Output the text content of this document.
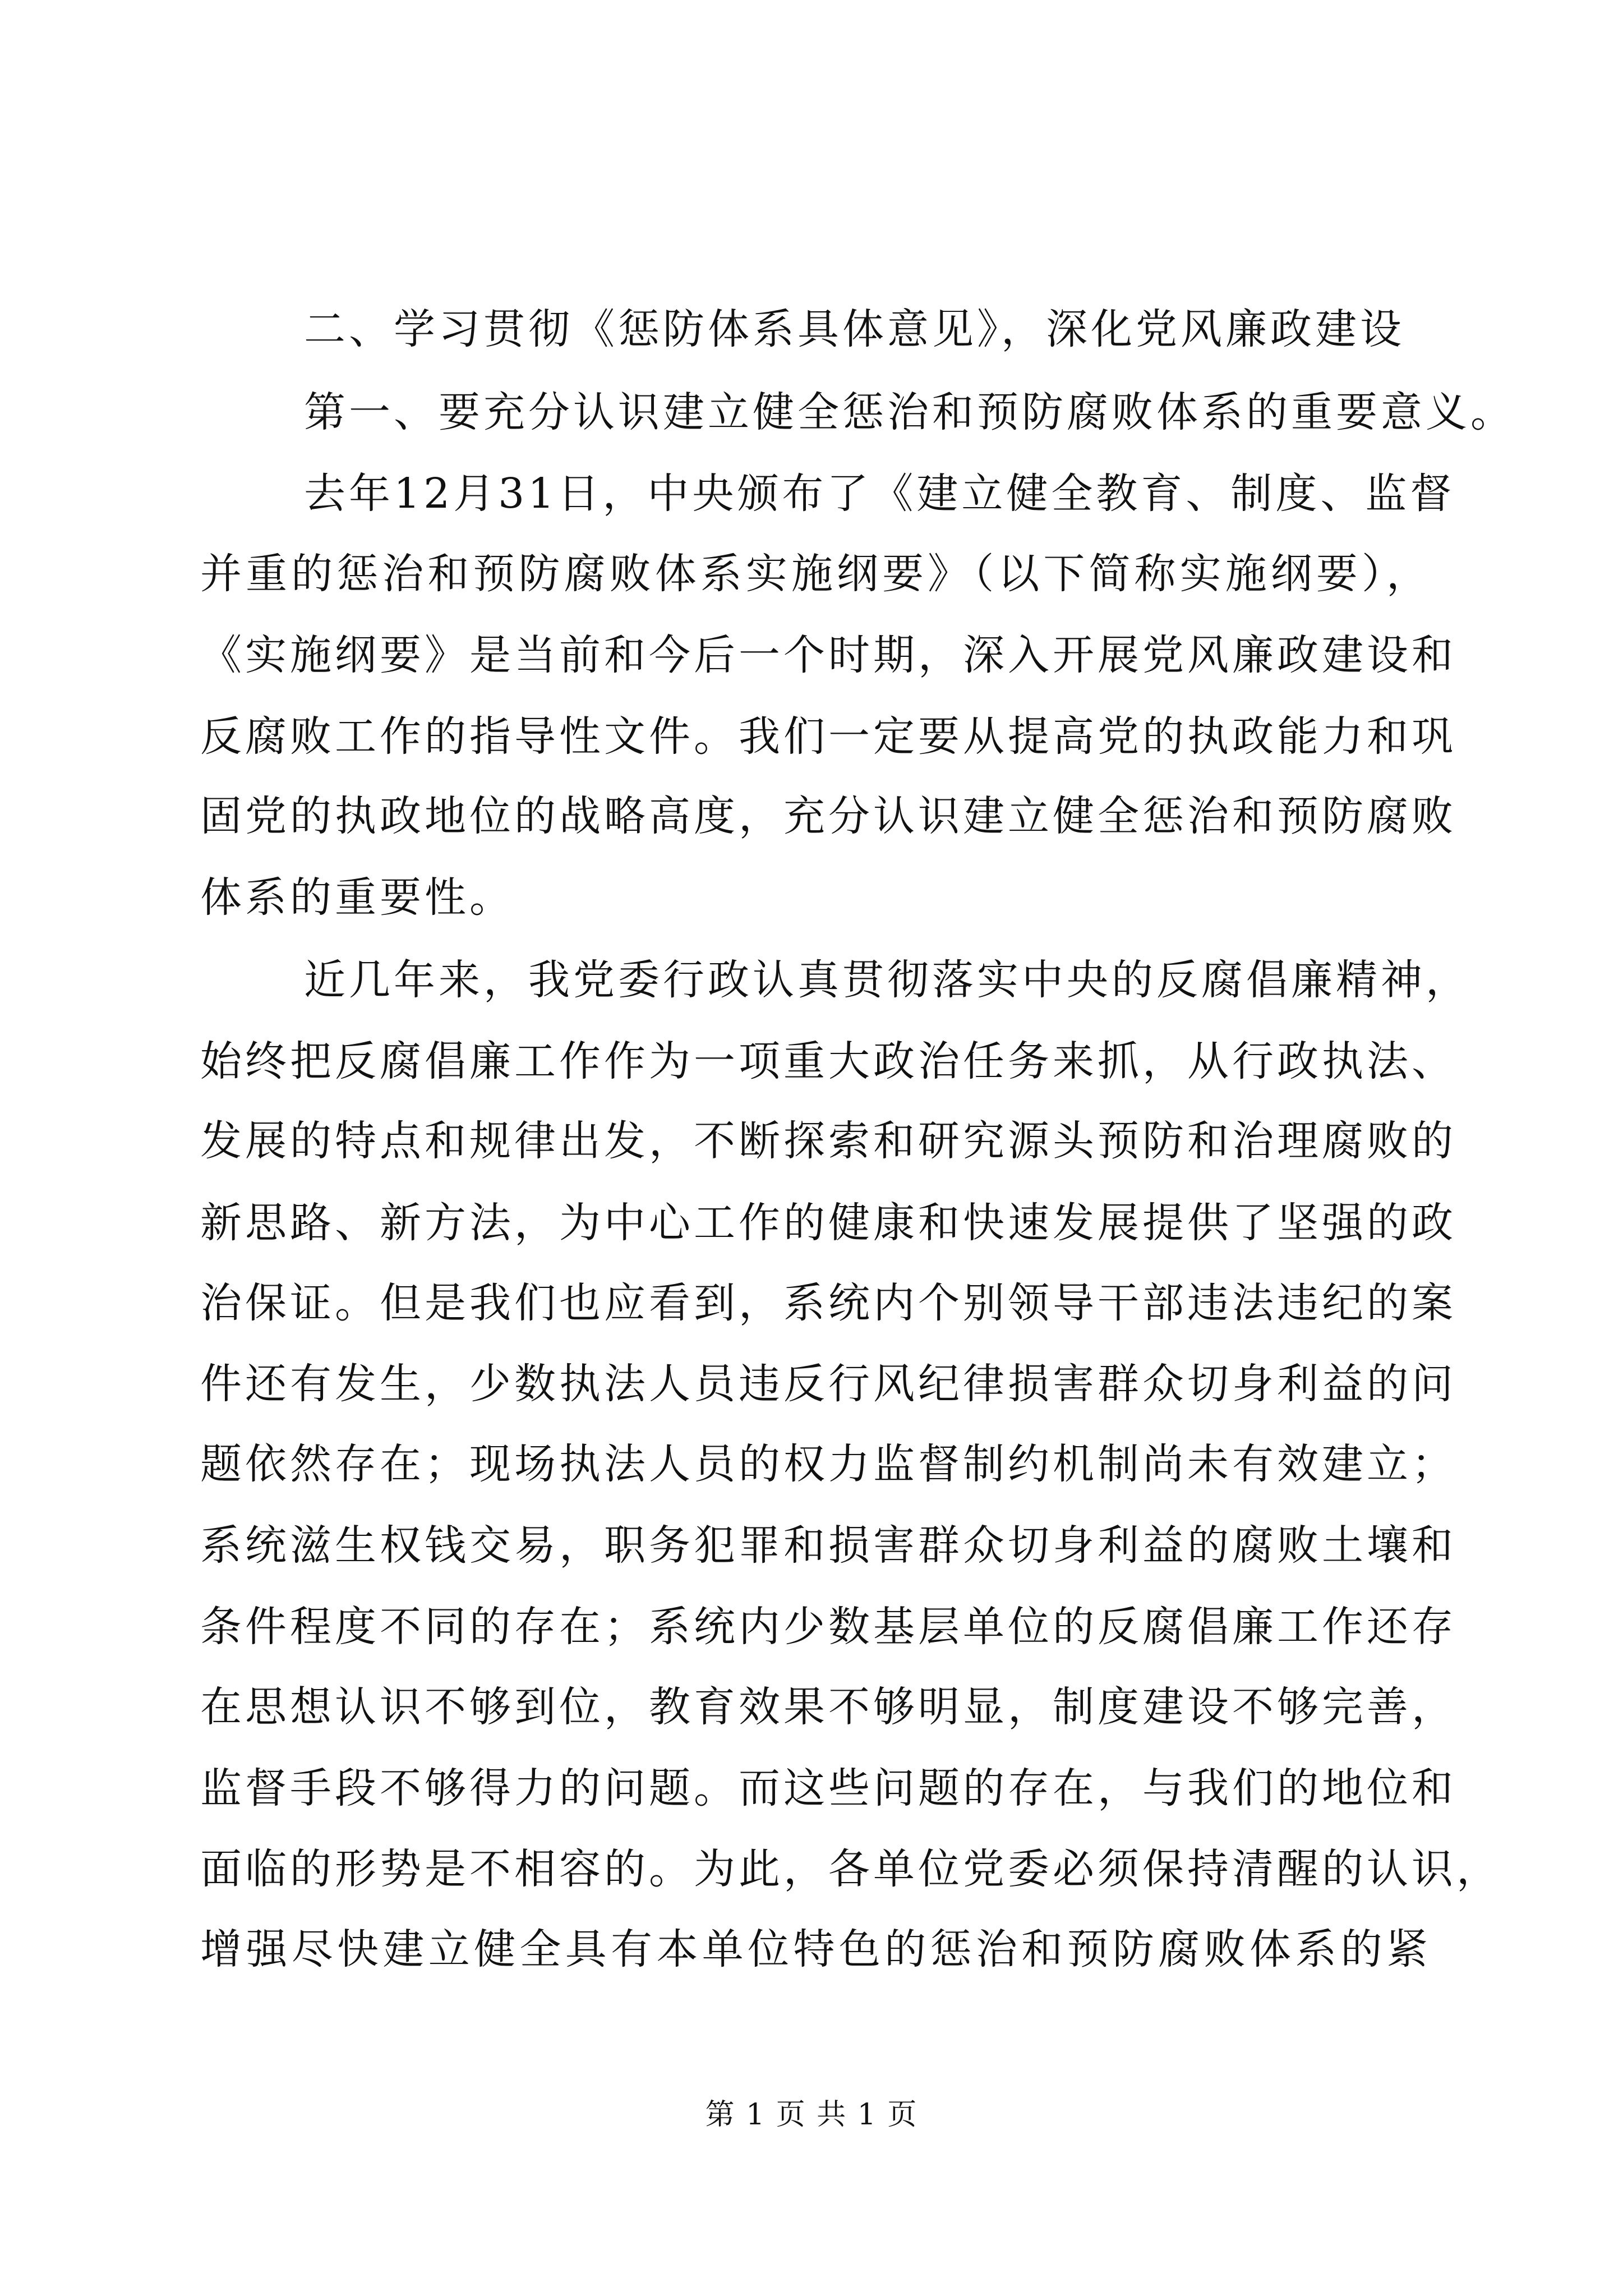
二、学习贯彻《惩防体系具体意见》，深化党风廉政建设
第一、要充分认识建立健全惩治和预防腐败体系的重要意义。
去年12月31日，中央颁布了《建立健全教育、制度、监督
并重的惩治和预防腐败体系实施纲要》（以下简称实施纲要），
《实施纲要》是当前和今后一个时期，深入开展党风廉政建设和
反腐败工作的指导性文件。我们一定要从提高党的执政能力和巩
固党的执政地位的战略高度，充分认识建立健全惩治和预防腐败
体系的重要性。
近几年来，我党委行政认真贯彻落实中央的反腐倡廉精神，
始终把反腐倡廉工作作为一项重大政治任务来抓，从行政执法、
发展的特点和规律出发，不断探索和研究源头预防和治理腐败的
新思路、新方法，为中心工作的健康和快速发展提供了坚强的政
治保证。但是我们也应看到，系统内个别领导干部违法违纪的案
件还有发生，少数执法人员违反行风纪律损害群众切身利益的问
题依然存在；现场执法人员的权力监督制约机制尚未有效建立；
系统滋生权钱交易，职务犯罪和损害群众切身利益的腐败土壤和
条件程度不同的存在；系统内少数基层单位的反腐倡廉工作还存
在思想认识不够到位，教育效果不够明显，制度建设不够完善，
监督手段不够得力的问题。而这些问题的存在，与我们的地位和
面临的形势是不相容的。为此，各单位党委必须保持清醒的认识，
增强尽快建立健全具有本单位特色的惩治和预防腐败体系的紧
第 1 页 共 1 页
